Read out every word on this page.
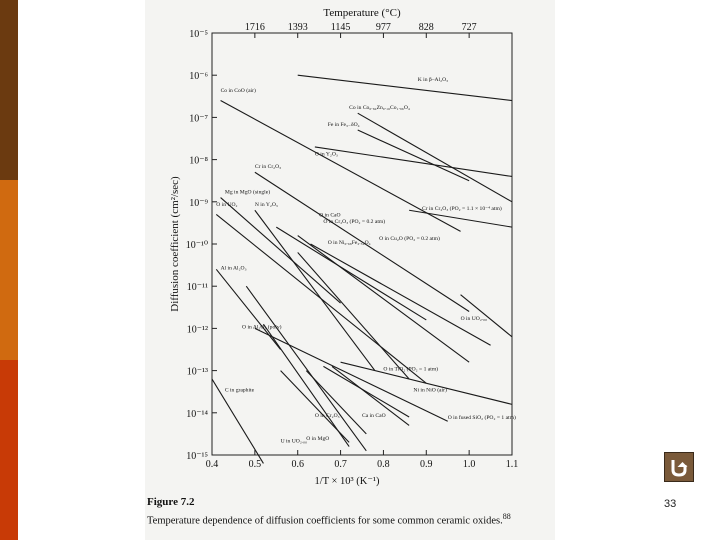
K in β–Al₂O₃
Co in CoO (air)
Co in Co₀.₈₄Zn₀.₁₆Co₁.₉₆O₄
Fe in Fe₃₋δO₄
O in Y₂O₃
Cr in Cr₂O₃
Mg in MgO (single)
O in UO₂	N in Y₂O₃
O in CaO
Cr in Cr₂O₃ (PO₂ = 1.1 × 10⁻⁴ atm)
O in Cr₂O₃ (PO₂ = 0.2 atm)
O in Ni₀.₆₈Fe₂.₃₂O₄
O in Cu₂O (PO₂ = 0.2 atm)
Al in Al₂O₃
O in UO₂.₀₀
O in Al₂O₃ (poly)
O in TiO₂ (PO₂ = 1 atm)
Ni in NiO (air)
C in graphite
O in Cr₂O₃	Ca in CaO	O in fused SiO₂ (PO₂ = 1 atm)
U in UO₂.₀₀ O in MgO
0.4	0.5	0.6	0.7	0.8	0.9	1.0	1.1
10⁻⁵
10⁻⁶
10⁻⁷
10⁻⁸
10⁻⁹
10⁻¹⁰
10⁻¹¹
10⁻¹²
10⁻¹³
10⁻¹⁴
10⁻¹⁵
1716 1393 1145	977	828	727
Temperature (°C)
Diffusion coefficient (cm²/sec)
1/T × 10³ (K⁻¹)
Figure 7.2
Temperature dependence of diffusion coefficients for some common ceramic oxides.$^{88}$
33
